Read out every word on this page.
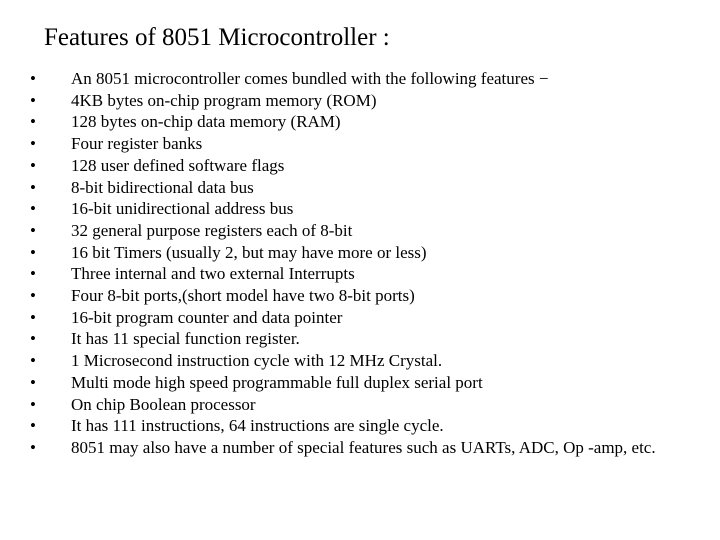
Features of 8051 Microcontroller :
•	An 8051 microcontroller comes bundled with the following features −
•	4KB bytes on-chip program memory (ROM)
•	128 bytes on-chip data memory (RAM)
•	Four register banks
•	128 user defined software flags
•	8-bit bidirectional data bus
•	16-bit unidirectional address bus
•	32 general purpose registers each of 8-bit
•	16 bit Timers (usually 2, but may have more or less)
•	Three internal and two external Interrupts
•	Four 8-bit ports,(short model have two 8-bit ports)
•	16-bit program counter and data pointer
•	It has 11 special function register.
•	1 Microsecond instruction cycle with 12 MHz Crystal.
•	Multi mode high speed programmable full duplex serial port
•	On chip Boolean processor
•	It has 111 instructions, 64 instructions are single cycle.
•	8051 may also have a number of special features such as UARTs, ADC, Op -amp, etc.
